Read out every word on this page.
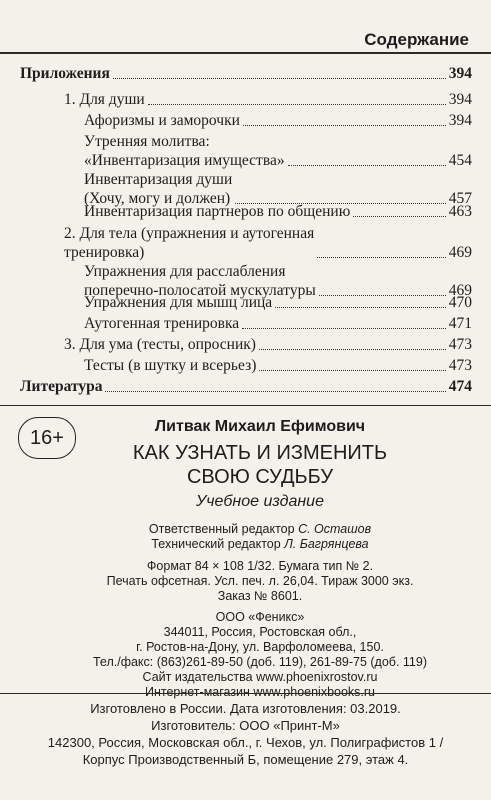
Содержание
Приложения	394
1. Для души	394
Афоризмы и заморочки	394
Утренняя молитва:
«Инвентаризация имущества»	454
Инвентаризация души
(Хочу, могу и должен)	457
Инвентаризация партнеров по общению	463
2. Для тела (упражнения и аутогенная
тренировка)	469
Упражнения для расслабления
поперечно-полосатой мускулатуры	469
Упражнения для мышц лица	470
Аутогенная тренировка	471
3. Для ума (тесты, опросник)	473
Тесты (в шутку и всерьез)	473
Литература	474
16+	Литвак Михаил Ефимович
КАК УЗНАТЬ И ИЗМЕНИТЬ
СВОЮ СУДЬБУ
Учебное издание
Ответственный редактор С. Осташов
Технический редактор Л. Багрянцева
Формат 84 × 108 1/32. Бумага тип № 2.
Печать офсетная. Усл. печ. л. 26,04. Тираж 3000 экз.
Заказ № 8601.
ООО «Феникс»
344011, Россия, Ростовская обл.,
г. Ростов-на-Дону, ул. Варфоломеева, 150.
Тел./факс: (863)261-89-50 (доб. 119), 261-89-75 (доб. 119)
Сайт издательства www.phoenixrostov.ru
Интернет-магазин www.phoenixbooks.ru
Изготовлено в России. Дата изготовления: 03.2019.
Изготовитель: ООО «Принт-М»
142300, Россия, Московская обл., г. Чехов, ул. Полиграфистов 1 /
Корпус Производственный Б, помещение 279, этаж 4.
